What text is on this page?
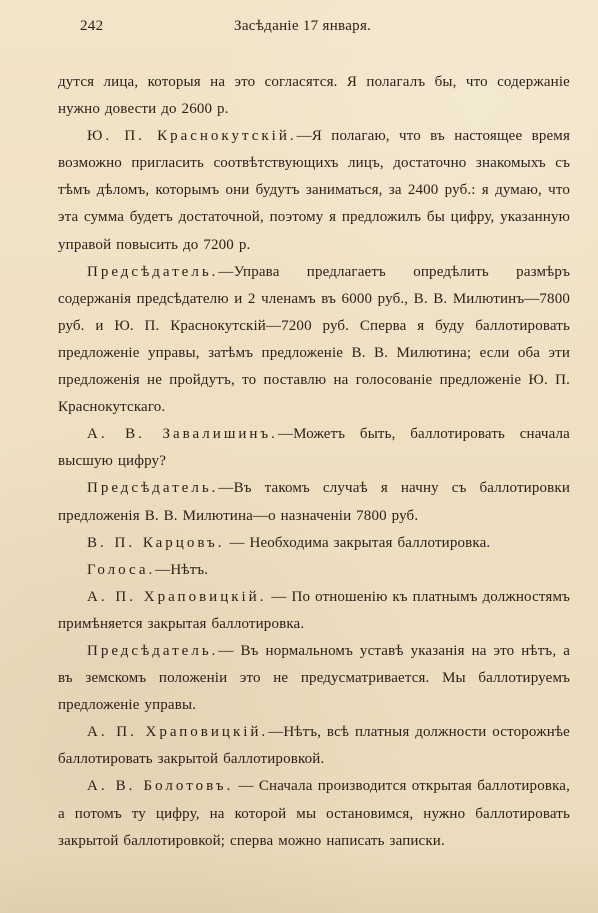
242	Засѣданіе 17 января.

дутся лица, которыя на это согласятся. Я полагалъ бы, что содержаніе нужно довести до 2600 р.

Ю. П. Краснокутскій.—Я полагаю, что въ настоящее время возможно пригласить соотвѣтствующихъ лицъ, достаточно знакомыхъ съ тѣмъ дѣломъ, которымъ они будутъ заниматься, за 2400 руб.: я думаю, что эта сумма будетъ достаточной, поэтому я предложилъ бы цифру, указанную управой повысить до 7200 р.

Предсѣдатель.—Управа предлагаетъ опредѣлить размѣръ содержанія предсѣдателю и 2 членамъ въ 6000 руб., В. В. Милютинъ—7800 руб. и Ю. П. Краснокутскій—7200 руб. Сперва я буду баллотировать предложеніе управы, затѣмъ предложеніе В. В. Милютина; если оба эти предложенія не пройдутъ, то поставлю на голосованіе предложеніе Ю. П. Краснокутскаго.

А. В. Завалишинъ.—Можетъ быть, баллотировать сначала высшую цифру?

Предсѣдатель.—Въ такомъ случаѣ я начну съ баллотировки предложенія В. В. Милютина—о назначеніи 7800 руб.

В. П. Карцовъ. — Необходима закрытая баллотировка.

Голоса.—Нѣтъ.

А. П. Храповицкій. — По отношенію къ платнымъ должностямъ примѣняется закрытая баллотировка.

Предсѣдатель.— Въ нормальномъ уставѣ указанія на это нѣтъ, а въ земскомъ положеніи это не предусматривается. Мы баллотируемъ предложеніе управы.

А. П. Храповицкій.—Нѣтъ, всѣ платныя должности осторожнѣе баллотировать закрытой баллотировкой.

А. В. Болотовъ. — Сначала производится открытая баллотировка, а потомъ ту цифру, на которой мы остановимся, нужно баллотировать закрытой баллотировкой; сперва можно написать записки.
